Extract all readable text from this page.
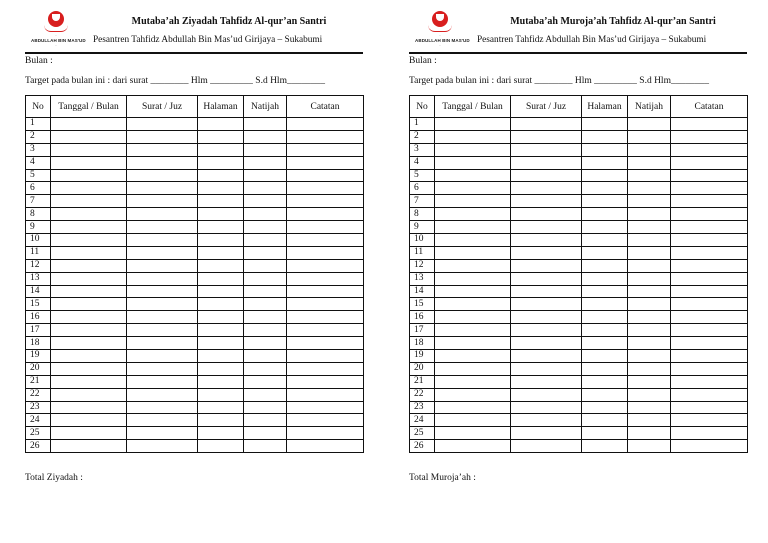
...
ABDULLAH BIN MAS'UD
...
Mutaba’ah Ziyadah Tahfidz Al-qur’an Santri
Pesantren Tahfidz Abdullah Bin Mas’ud Girijaya – Sukabumi
Bulan :
Target pada bulan ini : dari surat ________ Hlm _________ S.d Hlm________
No	Tanggal / Bulan	Surat / Juz	Halaman	Natijah	Catatan
1					
2					
3					
4					
5					
6					
7					
8					
9					
10					
11					
12					
13					
14					
15					
16					
17					
18					
19					
20					
21					
22					
23					
24					
25					
26					
Total Ziyadah :
...
ABDULLAH BIN MAS'UD
...
Mutaba’ah Muroja’ah Tahfidz Al-qur’an Santri
Pesantren Tahfidz Abdullah Bin Mas’ud Girijaya – Sukabumi
Bulan :
Target pada bulan ini : dari surat ________ Hlm _________ S.d Hlm________
No	Tanggal / Bulan	Surat / Juz	Halaman	Natijah	Catatan
1					
2					
3					
4					
5					
6					
7					
8					
9					
10					
11					
12					
13					
14					
15					
16					
17					
18					
19					
20					
21					
22					
23					
24					
25					
26					
Total Muroja’ah :
